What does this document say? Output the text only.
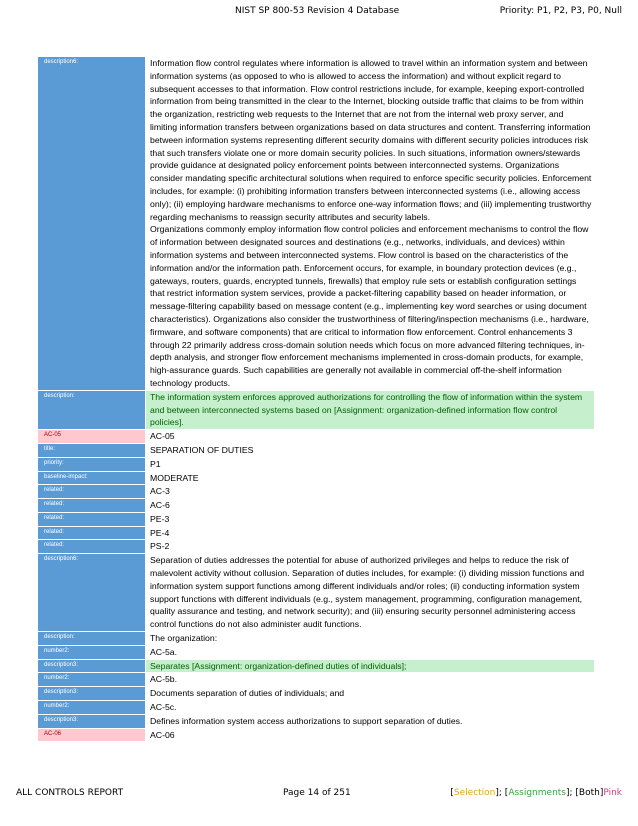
NIST SP 800-53 Revision 4 Database	Priority: P1, P2, P3, P0, Null
description6:	Information flow control regulates where information is allowed to travel within an information system and between information systems (as opposed to who is allowed to access the information) and without explicit regard to subsequent accesses to that information. Flow control restrictions include, for example, keeping export-controlled information from being transmitted in the clear to the Internet, blocking outside traffic that claims to be from within the organization, restricting web requests to the Internet that are not from the internal web proxy server, and limiting information transfers between organizations based on data structures and content. Transferring information between information systems representing different security domains with different security policies introduces risk that such transfers violate one or more domain security policies. In such situations, information owners/stewards provide guidance at designated policy enforcement points between interconnected systems. Organizations consider mandating specific architectural solutions when required to enforce specific security policies. Enforcement includes, for example: (i) prohibiting information transfers between interconnected systems (i.e., allowing access only); (ii) employing hardware mechanisms to enforce one-way information flows; and (iii) implementing trustworthy regarding mechanisms to reassign security attributes and security labels.
Organizations commonly employ information flow control policies and enforcement mechanisms to control the flow of information between designated sources and destinations (e.g., networks, individuals, and devices) within information systems and between interconnected systems. Flow control is based on the characteristics of the information and/or the information path. Enforcement occurs, for example, in boundary protection devices (e.g., gateways, routers, guards, encrypted tunnels, firewalls) that employ rule sets or establish configuration settings that restrict information system services, provide a packet-filtering capability based on header information, or message-filtering capability based on message content (e.g., implementing key word searches or using document characteristics). Organizations also consider the trustworthiness of filtering/inspection mechanisms (i.e., hardware, firmware, and software components) that are critical to information flow enforcement. Control enhancements 3 through 22 primarily address cross-domain solution needs which focus on more advanced filtering techniques, in-depth analysis, and stronger flow enforcement mechanisms implemented in cross-domain products, for example, high-assurance guards. Such capabilities are generally not available in commercial off-the-shelf information technology products.

description:	The information system enforces approved authorizations for controlling the flow of information within the system and between interconnected systems based on [Assignment: organization-defined information flow control policies].

AC-05	AC-05

title:	SEPARATION OF DUTIES

priority:	P1

baseline-impact:	MODERATE

related:	AC-3

related:	AC-6

related:	PE-3

related:	PE-4

related:	PS-2

description6:	Separation of duties addresses the potential for abuse of authorized privileges and helps to reduce the risk of malevolent activity without collusion. Separation of duties includes, for example: (i) dividing mission functions and information system support functions among different individuals and/or roles; (ii) conducting information system support functions with different individuals (e.g., system management, programming, configuration management, quality assurance and testing, and network security); and (iii) ensuring security personnel administering access control functions do not also administer audit functions.

description:	The organization:

number2:	AC-5a.

description3:	Separates [Assignment: organization-defined duties of individuals];

number2:	AC-5b.

description3:	Documents separation of duties of individuals; and

number2:	AC-5c.

description3:	Defines information system access authorizations to support separation of duties.

AC-06	AC-06
ALL CONTROLS REPORT	Page 14 of 251	[Selection]; [Assignments]; [Both]Pink
